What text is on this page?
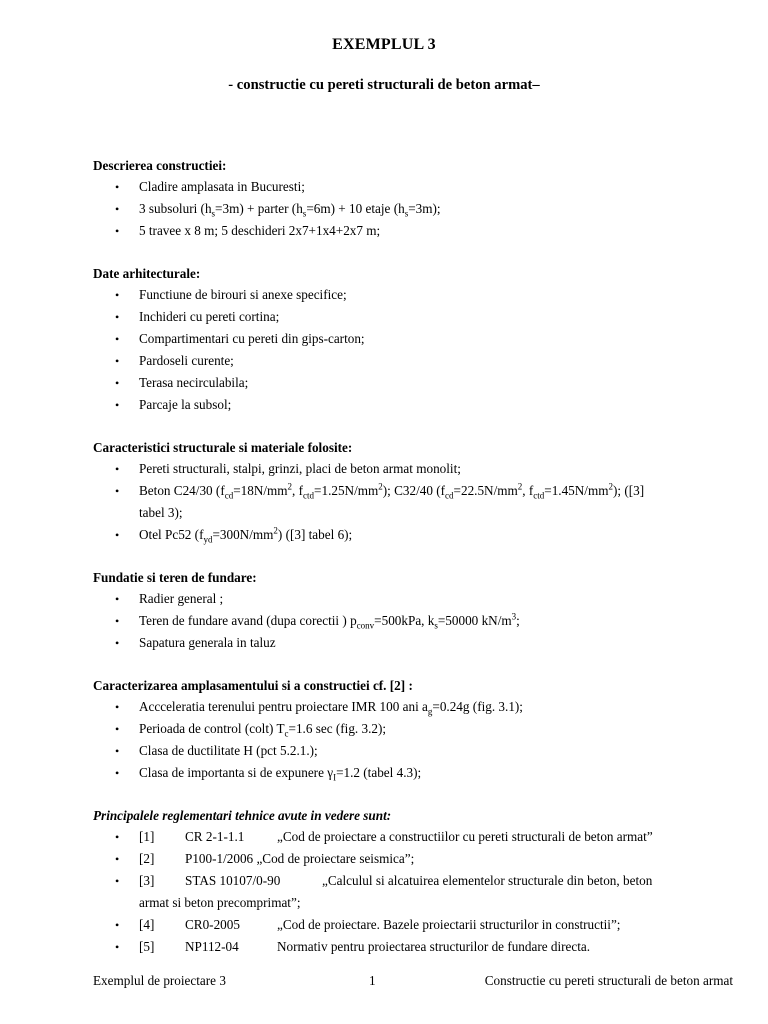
EXEMPLUL 3
- constructie cu pereti structurali de beton armat–
Descrierea constructiei:
• Cladire amplasata in Bucuresti;
• 3 subsoluri $(h_s=3m)$ + parter $(h_s=6m) + 10$ etaje $(h_s=3m)$;
• 5 travee x 8 m; 5 deschideri 2x7+1x4+2x7 m;
Date arhitecturale:
• Functiune de birouri si anexe specifice;
• Inchideri cu pereti cortina;
• Compartimentari cu pereti din gips-carton;
• Pardoseli curente;
• Terasa necirculabila;
• Parcaje la subsol;
Caracteristici structurale si materiale folosite:
• Pereti structurali, stalpi, grinzi, placi de beton armat monolit;
• Beton C24/30 ($f_{cd}=18N/mm^2$, $f_{ctd}=1.25N/mm^2$); C32/40 ($f_{cd}=22.5N/mm^2$, $f_{ctd}=1.45N/mm^2$); ([3]
tabel 3);
• Otel Pc52 $(f_{yd}=300N/mm^2)$ ([3] tabel 6);
Fundatie si teren de fundare:
• Radier general ;
• Teren de fundare avand (dupa corectii ) $p_{conv}=500kPa$, $k_s=50000$ $kN/m^3$;
• Sapatura generala in taluz
Caracterizarea amplasamentului si a constructiei cf. [2] :
• Accceleratia terenului pentru proiectare IMR 100 ani $a_g=0.24g$ (fig. 3.1);
• Perioada de control (colt) $T_c=1.6$ sec (fig. 3.2);
• Clasa de ductilitate H (pct 5.2.1.);
• Clasa de importanta si de expunere $\gamma_I=1.2$ (tabel 4.3);
Principalele reglementari tehnice avute in vedere sunt:
• [1] CR 2-1-1.1 „Cod de proiectare a constructiilor cu pereti structurali de beton armat”
• [2] P100-1/2006 „Cod de proiectare seismica”;
• [3] STAS 10107/0-90	„Calculul si alcatuirea elementelor structurale din beton, beton
armat si beton precomprimat”;
• [4] CR0-2005	„Cod de proiectare. Bazele proiectarii structurilor in constructii”;
• [5] NP112-04	Normativ pentru proiectarea structurilor de fundare directa.
Exemplul de proiectare 3	1	Constructie cu pereti structurali de beton armat
